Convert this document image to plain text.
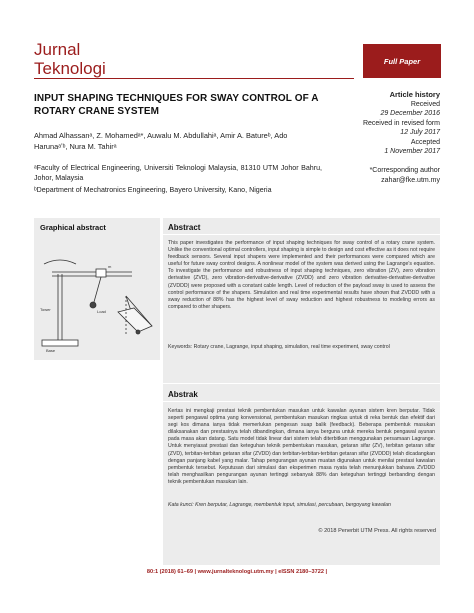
Jurnal
Teknologi	Full Paper
INPUT SHAPING TECHNIQUES FOR SWAY CONTROL OF A ROTARY CRANE SYSTEM
Article history
Received
29 December 2016
Received in revised form
12 July 2017
Accepted
1 November 2017
Ahmad Alhassanᵃ, Z. Mohamedᵃ*, Auwalu M. Abdullahiᵃ, Amir A. Batureᵇ, Ado Harunaᵃʼᵇ, Nura M. Tahirᵃ

ᵃFaculty of Electrical Engineering, Universiti Teknologi Malaysia, 81310 UTM Johor Bahru, Johor, Malaysia

ᵇDepartment of Mechatronics Engineering, Bayero University, Kano, Nigeria

*Corresponding author
zahar@fke.utm.my
Graphical abstract
Tower
Base
Load
m
Abstract
This paper investigates the performance of input shaping techniques for sway control of a rotary crane system. Unlike the conventional optimal controllers, input shaping is simple to design and cost effective as it does not require feedback sensors. Several input shapers were implemented and their performances were compared which are useful for future sway control designs. A nonlinear model of the system was derived using the Lagrange's equation. To investigate the performance and robustness of input shaping techniques, zero vibration (ZV), zero vibration derivative (ZVD), zero vibration-derivative-derivative (ZVDD) and zero vibration derivative-derivative-derivative (ZVDDD) were proposed with a constant cable length. Level of reduction of the payload sway is used to assess the control performance of the shapers. Simulation and real time experimental results have shown that ZVDDD with a sway reduction of 88% has the highest level of sway reduction and highest robustness to modeling errors as compared to other shapers.
Keywords: Rotary crane, Lagrange, input shaping, simulation, real time experiment, sway control
Abstrak
Kertas ini mengkaji prestasi teknik pembentukan masukan untuk kawalan ayunan sistem kren berputar. Tidak seperti pengawal optima yang konvensional, pembentukan masukan ringkas untuk di reka bentuk dan efektif dari segi kos dimana ianya tidak memerlukan pengesan suap balik (feedback). Beberapa pembentuk masukan dilaksanakan dan prestasinya telah dibandingkan, dimana ianya berguna untuk mereka bentuk pengawal ayunan pada masa akan datang. Satu model tidak linear dari sistem telah diterbitkan menggunakan persamaan Lagrange. Untuk menyiasat prestasi dan keteguhan teknik pembentukan masukan, getaran sifar (ZV), terbitan getaran sifar (ZVD), terbitan-terbitan getaran sifar (ZVDD) dan terbitan-terbitan-terbitan getaran sifar (ZVDDD) telah dicadangkan dengan panjang kabel yang malar. Tahap pengurangan ayunan muatan digunakan untuk menilai prestasi kawalan pembentuk tersebut. Keputusan dari simulasi dan eksperimen masa nyata telah menunjukkan bahawa ZVDDD telah menghasilkan pengurangan ayunan tertinggi sebanyak 88% dan keteguhan tertinggi berbanding dengan teknik pembentukan masukan lain.
Kata kunci: Kren berputar, Lagrange, membentuk input, simulasi, percubaan, bergoyang kawalan
© 2018 Penerbit UTM Press. All rights reserved
80:1 (2018) 61–69 | www.jurnalteknologi.utm.my | eISSN 2180–3722 |
